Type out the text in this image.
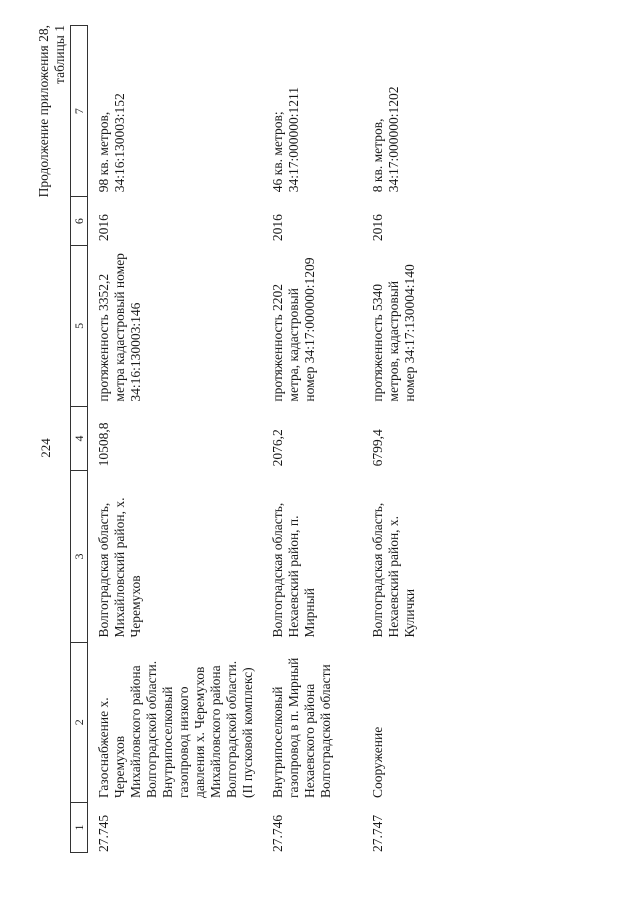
224
Продолжение приложения 28,
таблицы 1
1	2	3	4	5	6	7
27.745	Газоснабжение х. Черемухов Михайловского района Волгоградской области. Внутрипоселковый газопровод низкого давления х. Черемухов Михайловского района Волгоградской области. (II пусковой комплекс)	Волгоградская область, Михайловский район, х. Черемухов	10508,8	протяженность 3352,2 метра кадастровый номер 34:16:130003:146	2016	98 кв. метров, 34:16:130003:152
27.746	Внутрипоселковый газопровод в п. Мирный Нехаевского района Волгоградской области	Волгоградская область, Нехаевский район, п. Мирный	2076,2	протяженность 2202 метра, кадастровый номер 34:17:000000:1209	2016	46 кв. метров; 34:17:000000:1211
27.747	Сооружение	Волгоградская область, Нехаевский район, х. Кулички	6799,4	протяженность 5340 метров, кадастровый номер 34:17:130004:140	2016	8 кв. метров, 34:17:000000:1202
